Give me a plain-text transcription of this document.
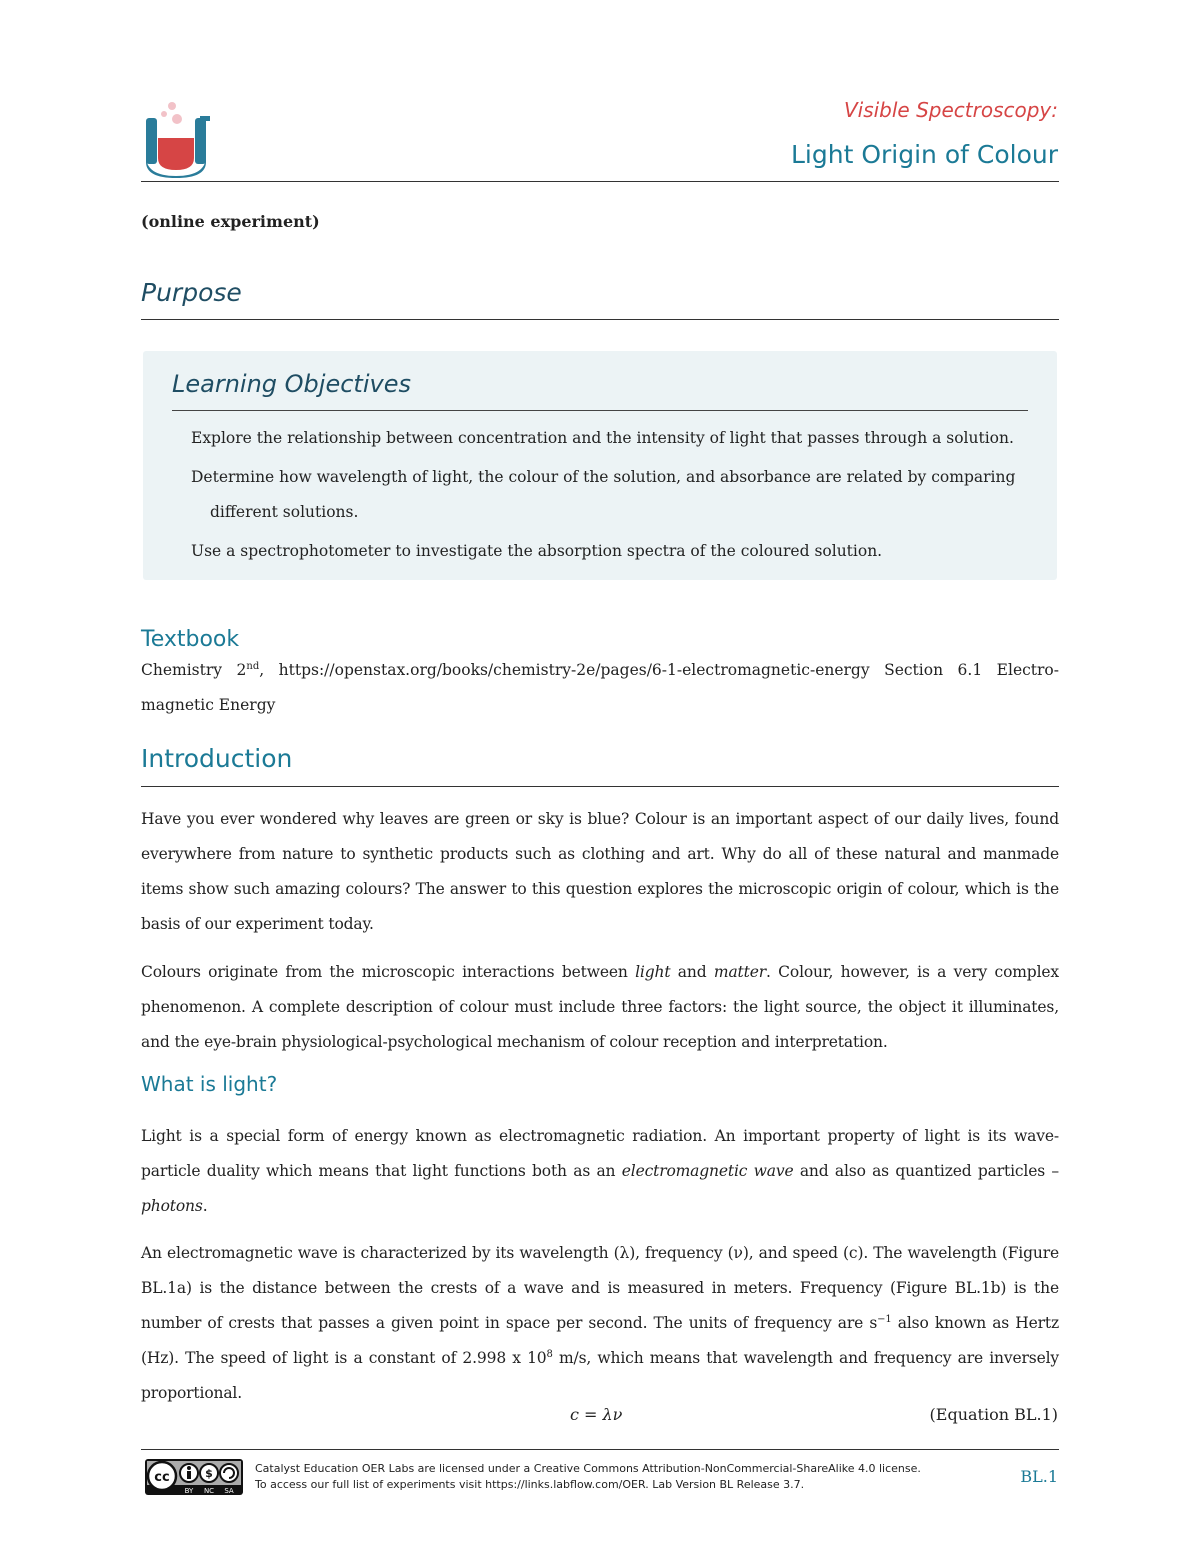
Visible Spectroscopy:
Light Origin of Colour
(online experiment)
Purpose
Learning Objectives
Explore the relationship between concentration and the intensity of light that passes through a solution.
Determine how wavelength of light, the colour of the solution, and absorbance are related by comparing
different solutions.
Use a spectrophotometer to investigate the absorption spectra of the coloured solution.
Textbook
Chemistry 2nd, https://openstax.org/books/chemistry-2e/pages/6-1-electromagnetic-energy Section 6.1 Electro-magnetic Energy
Introduction
Have you ever wondered why leaves are green or sky is blue? Colour is an important aspect of our daily lives, found everywhere from nature to synthetic products such as clothing and art. Why do all of these natural and manmade items show such amazing colours? The answer to this question explores the microscopic origin of colour, which is the basis of our experiment today.
Colours originate from the microscopic interactions between light and matter. Colour, however, is a very complex phenomenon. A complete description of colour must include three factors: the light source, the object it illuminates, and the eye-brain physiological-psychological mechanism of colour reception and interpretation.
What is light?
Light is a special form of energy known as electromagnetic radiation. An important property of light is its wave-particle duality which means that light functions both as an electromagnetic wave and also as quantized particles – photons.
An electromagnetic wave is characterized by its wavelength (λ), frequency (ν), and speed (c). The wavelength (Figure BL.1a) is the distance between the crests of a wave and is measured in meters. Frequency (Figure BL.1b) is the number of crests that passes a given point in space per second. The units of frequency are $s^{-1}$ also known as Hertz (Hz). The speed of light is a constant of 2.998 x $10^8$ m/s, which means that wavelength and frequency are inversely proportional.
c = λν	(Equation BL.1)
cc	$
BY NC SA
Catalyst Education OER Labs are licensed under a Creative Commons Attribution-NonCommercial-ShareAlike 4.0 license.
To access our full list of experiments visit https://links.labflow.com/OER. Lab Version BL Release 3.7.	BL.1
